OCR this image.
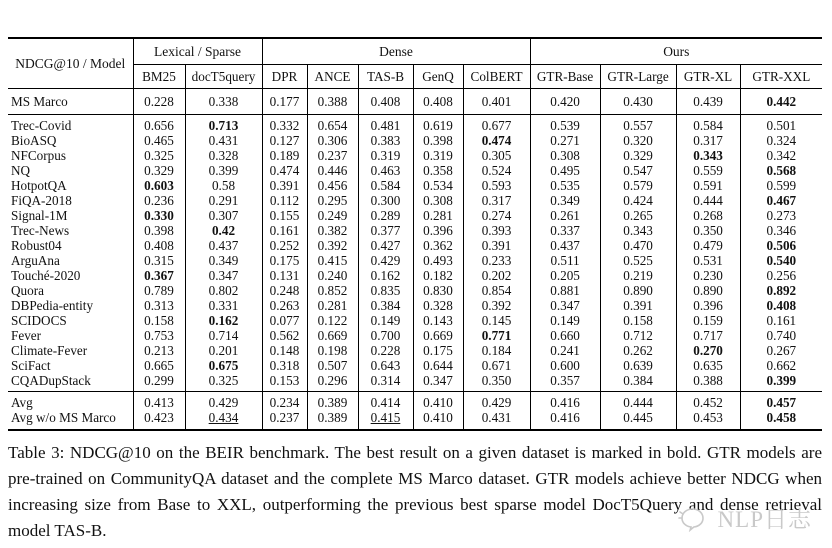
NDCG@10 / Model	Lexical / Sparse		Dense					Ours			
	BM25	docT5query	DPR	ANCE	TAS-B	GenQ	ColBERT	GTR-Base	GTR-Large	GTR-XL	GTR-XXL
MS Marco	0.228	0.338	0.177	0.388	0.408	0.408	0.401	0.420	0.430	0.439	0.442
Trec-Covid	0.656	0.713	0.332	0.654	0.481	0.619	0.677	0.539	0.557	0.584	0.501
BioASQ	0.465	0.431	0.127	0.306	0.383	0.398	0.474	0.271	0.320	0.317	0.324
NFCorpus	0.325	0.328	0.189	0.237	0.319	0.319	0.305	0.308	0.329	0.343	0.342
NQ	0.329	0.399	0.474	0.446	0.463	0.358	0.524	0.495	0.547	0.559	0.568
HotpotQA	0.603	0.58	0.391	0.456	0.584	0.534	0.593	0.535	0.579	0.591	0.599
FiQA-2018	0.236	0.291	0.112	0.295	0.300	0.308	0.317	0.349	0.424	0.444	0.467
Signal-1M	0.330	0.307	0.155	0.249	0.289	0.281	0.274	0.261	0.265	0.268	0.273
Trec-News	0.398	0.42	0.161	0.382	0.377	0.396	0.393	0.337	0.343	0.350	0.346
Robust04	0.408	0.437	0.252	0.392	0.427	0.362	0.391	0.437	0.470	0.479	0.506
ArguAna	0.315	0.349	0.175	0.415	0.429	0.493	0.233	0.511	0.525	0.531	0.540
Touché-2020	0.367	0.347	0.131	0.240	0.162	0.182	0.202	0.205	0.219	0.230	0.256
Quora	0.789	0.802	0.248	0.852	0.835	0.830	0.854	0.881	0.890	0.890	0.892
DBPedia-entity	0.313	0.331	0.263	0.281	0.384	0.328	0.392	0.347	0.391	0.396	0.408
SCIDOCS	0.158	0.162	0.077	0.122	0.149	0.143	0.145	0.149	0.158	0.159	0.161
Fever	0.753	0.714	0.562	0.669	0.700	0.669	0.771	0.660	0.712	0.717	0.740
Climate-Fever	0.213	0.201	0.148	0.198	0.228	0.175	0.184	0.241	0.262	0.270	0.267
SciFact	0.665	0.675	0.318	0.507	0.643	0.644	0.671	0.600	0.639	0.635	0.662
CQADupStack	0.299	0.325	0.153	0.296	0.314	0.347	0.350	0.357	0.384	0.388	0.399
Avg	0.413	0.429	0.234	0.389	0.414	0.410	0.429	0.416	0.444	0.452	0.457
Avg w/o MS Marco	0.423	0.434	0.237	0.389	0.415	0.410	0.431	0.416	0.445	0.453	0.458

Table 3: NDCG@10 on the BEIR benchmark. The best result on a given dataset is marked in bold. GTR models are pre-trained on CommunityQA dataset and the complete MS Marco dataset. GTR models achieve better NDCG when increasing size from Base to XXL, outperforming the previous best sparse model DocT5Query and dense retrieval model TAS-B.	NLP日志
